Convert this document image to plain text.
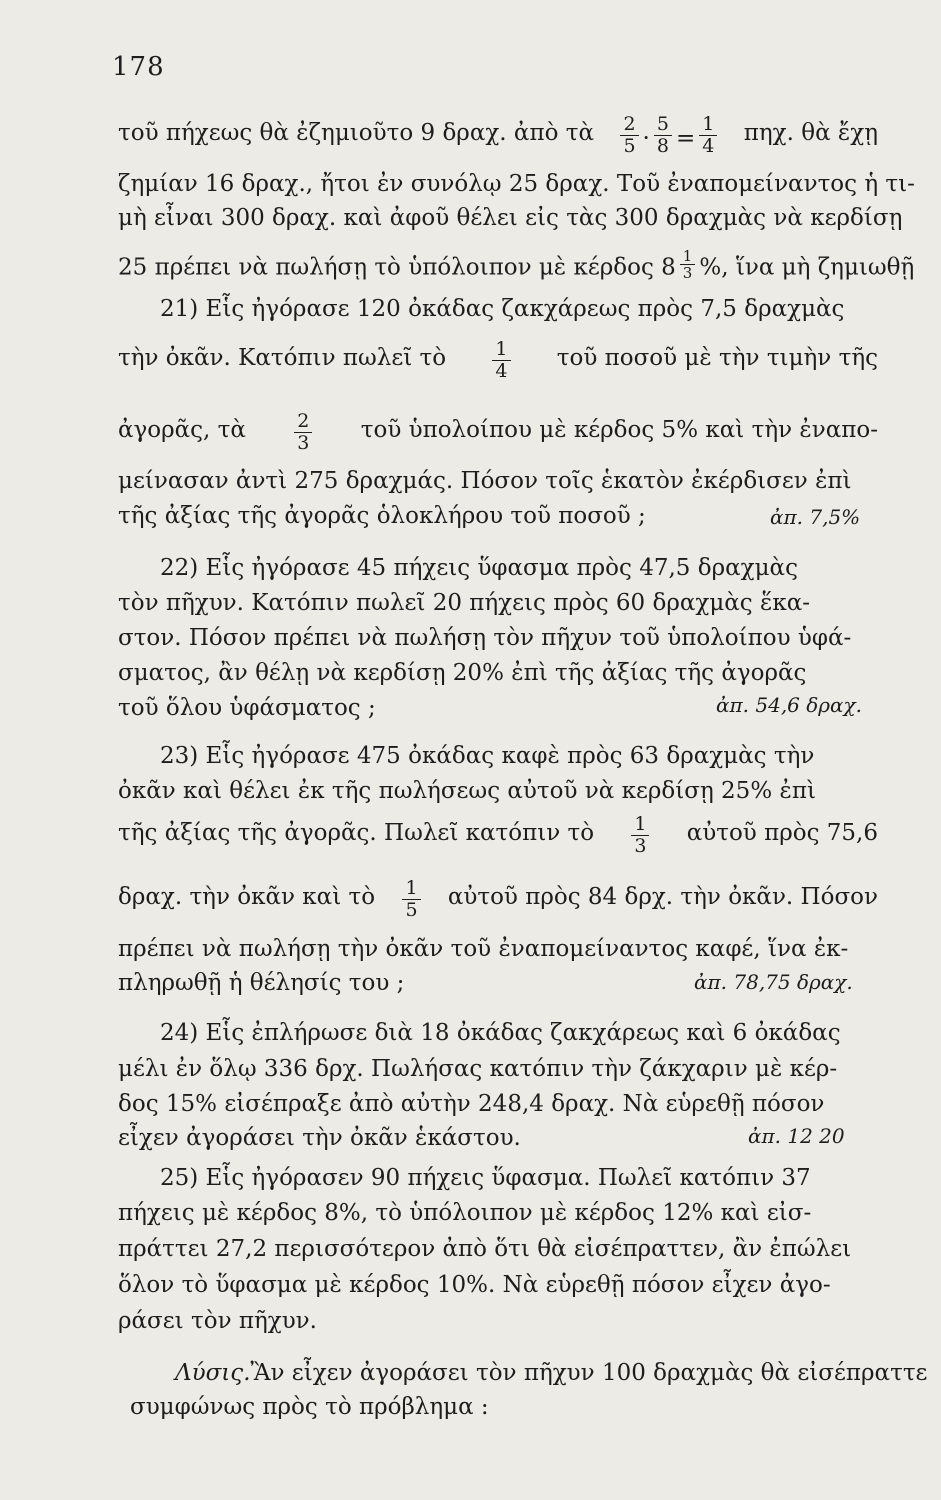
178
τοῦ πήχεως θὰ ἐζημιοῦτο 9 δραχ. ἀπὸ τὰ $\frac{2}{5} \cdot \frac{5}{8} = \frac{1}{4} \pi\eta\chi$. θὰ ἔχῃ
ζημίαν 16 δραχ., ἤτοι ἐν συνόλῳ 25 δραχ. Τοῦ ἐναπομείναντος ἡ τι-
μὴ εἶναι 300 δραχ. καὶ ἀφοῦ θέλει εἰς τὰς 300 δραχμὰς νὰ κερδίσῃ
25 πρέπει νὰ πωλήσῃ τὸ ὑπόλοιπον μὲ κέρδος $8 \frac{1}{3}$ %, ἵνα μὴ ζημιωθῇ
21) Εἷς ἠγόρασε 120 ὀκάδας ζακχάρεως πρὸς 7,5 δραχμὰς
τὴν ὀκᾶν. Κατόπιν πωλεῖ τὸ $\frac{1}{4}$ τοῦ ποσοῦ μὲ τὴν τιμὴν τῆς
ἀγορᾶς, τὰ	$\frac{2}{3}$ τοῦ ὑπολοίπου μὲ κέρδος 5% καὶ τὴν ἐναπο-
μείνασαν ἀντὶ 275 δραχμάς. Πόσον τοῖς ἑκατὸν ἐκέρδισεν ἐπὶ
τῆς ἀξίας τῆς ἀγορᾶς ὁλοκλήρου τοῦ ποσοῦ ;	ἀπ. 7,5%
22) Εἷς ἠγόρασε 45 πήχεις ὕφασμα πρὸς 47,5 δραχμὰς
τὸν πῆχυν. Κατόπιν πωλεῖ 20 πήχεις πρὸς 60 δραχμὰς ἕκα-
στον. Πόσον πρέπει νὰ πωλήσῃ τὸν πῆχυν τοῦ ὑπολοίπου ὑφά-
σματος, ἂν θέλῃ νὰ κερδίσῃ 20% ἐπὶ τῆς ἀξίας τῆς ἀγορᾶς
τοῦ ὅλου ὑφάσματος ;	ἀπ. 54,6 δραχ.
23) Εἷς ἠγόρασε 475 ὀκάδας καφὲ πρὸς 63 δραχμὰς τὴν
ὀκᾶν καὶ θέλει ἐκ τῆς πωλήσεως αὐτοῦ νὰ κερδίσῃ 25% ἐπὶ
τῆς ἀξίας τῆς ἀγορᾶς. Πωλεῖ κατόπιν τὸ $\frac{1}{3}$ αὐτοῦ πρὸς 75,6
δραχ. τὴν ὀκᾶν καὶ τὸ $\frac{1}{5}$ αὐτοῦ πρὸς 84 δρχ. τὴν ὀκᾶν. Πόσον
πρέπει νὰ πωλήσῃ τὴν ὀκᾶν τοῦ ἐναπομείναντος καφέ, ἵνα ἐκ-
πληρωθῇ ἡ θέλησίς του ;	ἀπ. 78,75 δραχ.
24) Εἷς ἐπλήρωσε διὰ 18 ὀκάδας ζακχάρεως καὶ 6 ὀκάδας
μέλι ἐν ὅλῳ 336 δρχ. Πωλήσας κατόπιν τὴν ζάκχαριν μὲ κέρ-
δος 15% εἰσέπραξε ἀπὸ αὐτὴν 248,4 δραχ. Νὰ εὑρεθῇ πόσον
εἶχεν ἀγοράσει τὴν ὀκᾶν ἑκάστου.	ἀπ. 12 20
25) Εἷς ἠγόρασεν 90 πήχεις ὕφασμα. Πωλεῖ κατόπιν 37
πήχεις μὲ κέρδος 8%, τὸ ὑπόλοιπον μὲ κέρδος 12% καὶ εἰσ-
πράττει 27,2 περισσότερον ἀπὸ ὅτι θὰ εἰσέπραττεν, ἂν ἐπώλει
ὅλον τὸ ὕφασμα μὲ κέρδος 10%. Νὰ εὑρεθῇ πόσον εἶχεν ἀγο-
ράσει τὸν πῆχυν.
Λύσις. Ἂν εἶχεν ἀγοράσει τὸν πῆχυν 100 δραχμὰς θὰ εἰσέπραττε
συμφώνως πρὸς τὸ πρόβλημα :
